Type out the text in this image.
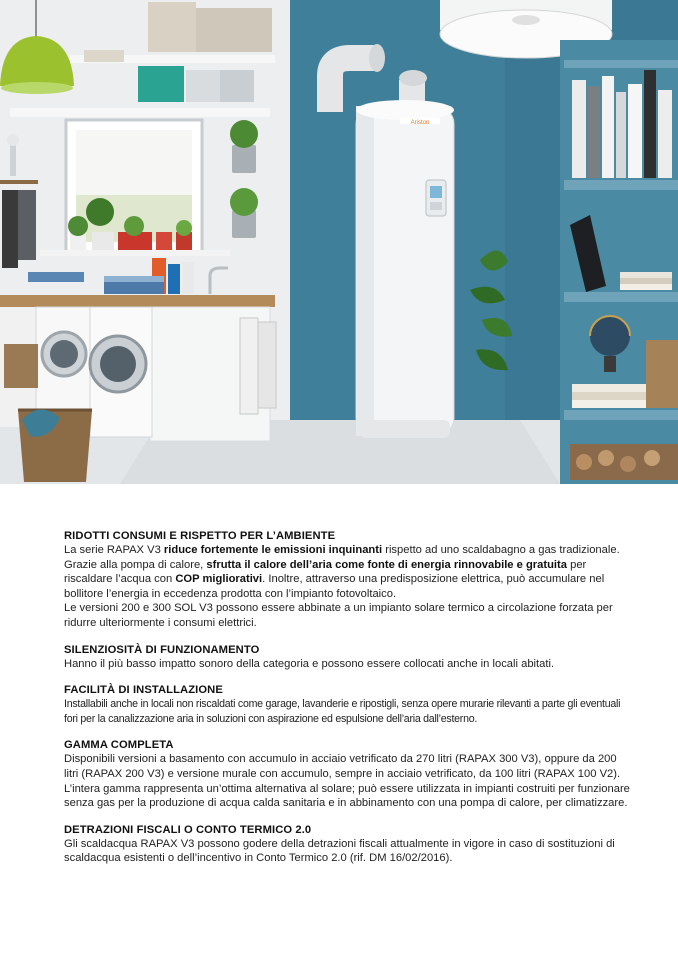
Ariston
RIDOTTI CONSUMI E RISPETTO PER L’AMBIENTE

La serie RAPAX V3 riduce fortemente le emissioni inquinanti rispetto ad uno scaldabagno a gas tradizionale. Grazie alla pompa di calore, sfrutta il calore dell’aria come fonte di energia rinnovabile e gratuita per riscaldare l’acqua con COP migliorativi. Inoltre, attraverso una predisposizione elettrica, può accumulare nel bollitore l’energia in eccedenza prodotta con l’impianto fotovoltaico.

Le versioni 200 e 300 SOL V3 possono essere abbinate a un impianto solare termico a circolazione forzata per ridurre ulteriormente i consumi elettrici.

SILENZIOSITÀ DI FUNZIONAMENTO

Hanno il più basso impatto sonoro della categoria e possono essere collocati anche in locali abitati.

FACILITÀ DI INSTALLAZIONE

Installabili anche in locali non riscaldati come garage, lavanderie e ripostigli, senza opere murarie rilevanti a parte gli eventuali fori per la canalizzazione aria in soluzioni con aspirazione ed espulsione dell’aria dall’esterno.

GAMMA COMPLETA

Disponibili versioni a basamento con accumulo in acciaio vetrificato da 270 litri (RAPAX 300 V3), oppure da 200 litri (RAPAX 200 V3) e versione murale con accumulo, sempre in acciaio vetrificato, da 100 litri (RAPAX 100 V2). L’intera gamma rappresenta un’ottima alternativa al solare; può essere utilizzata in impianti costruiti per funzionare senza gas per la produzione di acqua calda sanitaria e in abbinamento con una pompa di calore, per climatizzare.

DETRAZIONI FISCALI O CONTO TERMICO 2.0

Gli scaldacqua RAPAX V3 possono godere della detrazioni fiscali attualmente in vigore in caso di sostituzioni di scaldacqua esistenti o dell’incentivo in Conto Termico 2.0 (rif. DM 16/02/2016).
